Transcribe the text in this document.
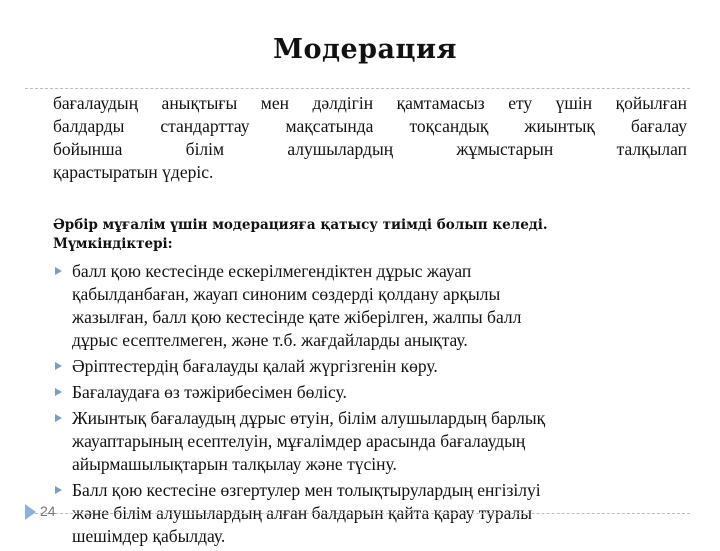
Модерация
бағалаудың анықтығы мен дәлдігін қамтамасыз ету үшін қойылған
балдарды стандарттау мақсатында тоқсандық жиынтық бағалау
бойынша білім алушылардың жұмыстарын талқылап
қарастыратын үдеріс.
Әрбір мұғалім үшін модерацияға қатысу тиімді болып келеді.
Мүмкіндіктері:
балл қою кестесінде ескерілмегендіктен дұрыс жауап
қабылданбаған, жауап синоним сөздерді қолдану арқылы
жазылған, балл қою кестесінде қате жіберілген, жалпы балл
дұрыс есептелмеген, және т.б. жағдайларды анықтау.
Әріптестердің бағалауды қалай жүргізгенін көру.
Бағалаудаға өз тәжірибесімен бөлісу.
Жиынтық бағалаудың дұрыс өтуін, білім алушылардың барлық
жауаптарының есептелуін, мұғалімдер арасында бағалаудың
айырмашылықтарын талқылау және түсіну.
Балл қою кестесіне өзгертулер мен толықтырулардың енгізілуі
және білім алушылардың алған балдарын қайта қарау туралы
шешімдер қабылдау.
24
